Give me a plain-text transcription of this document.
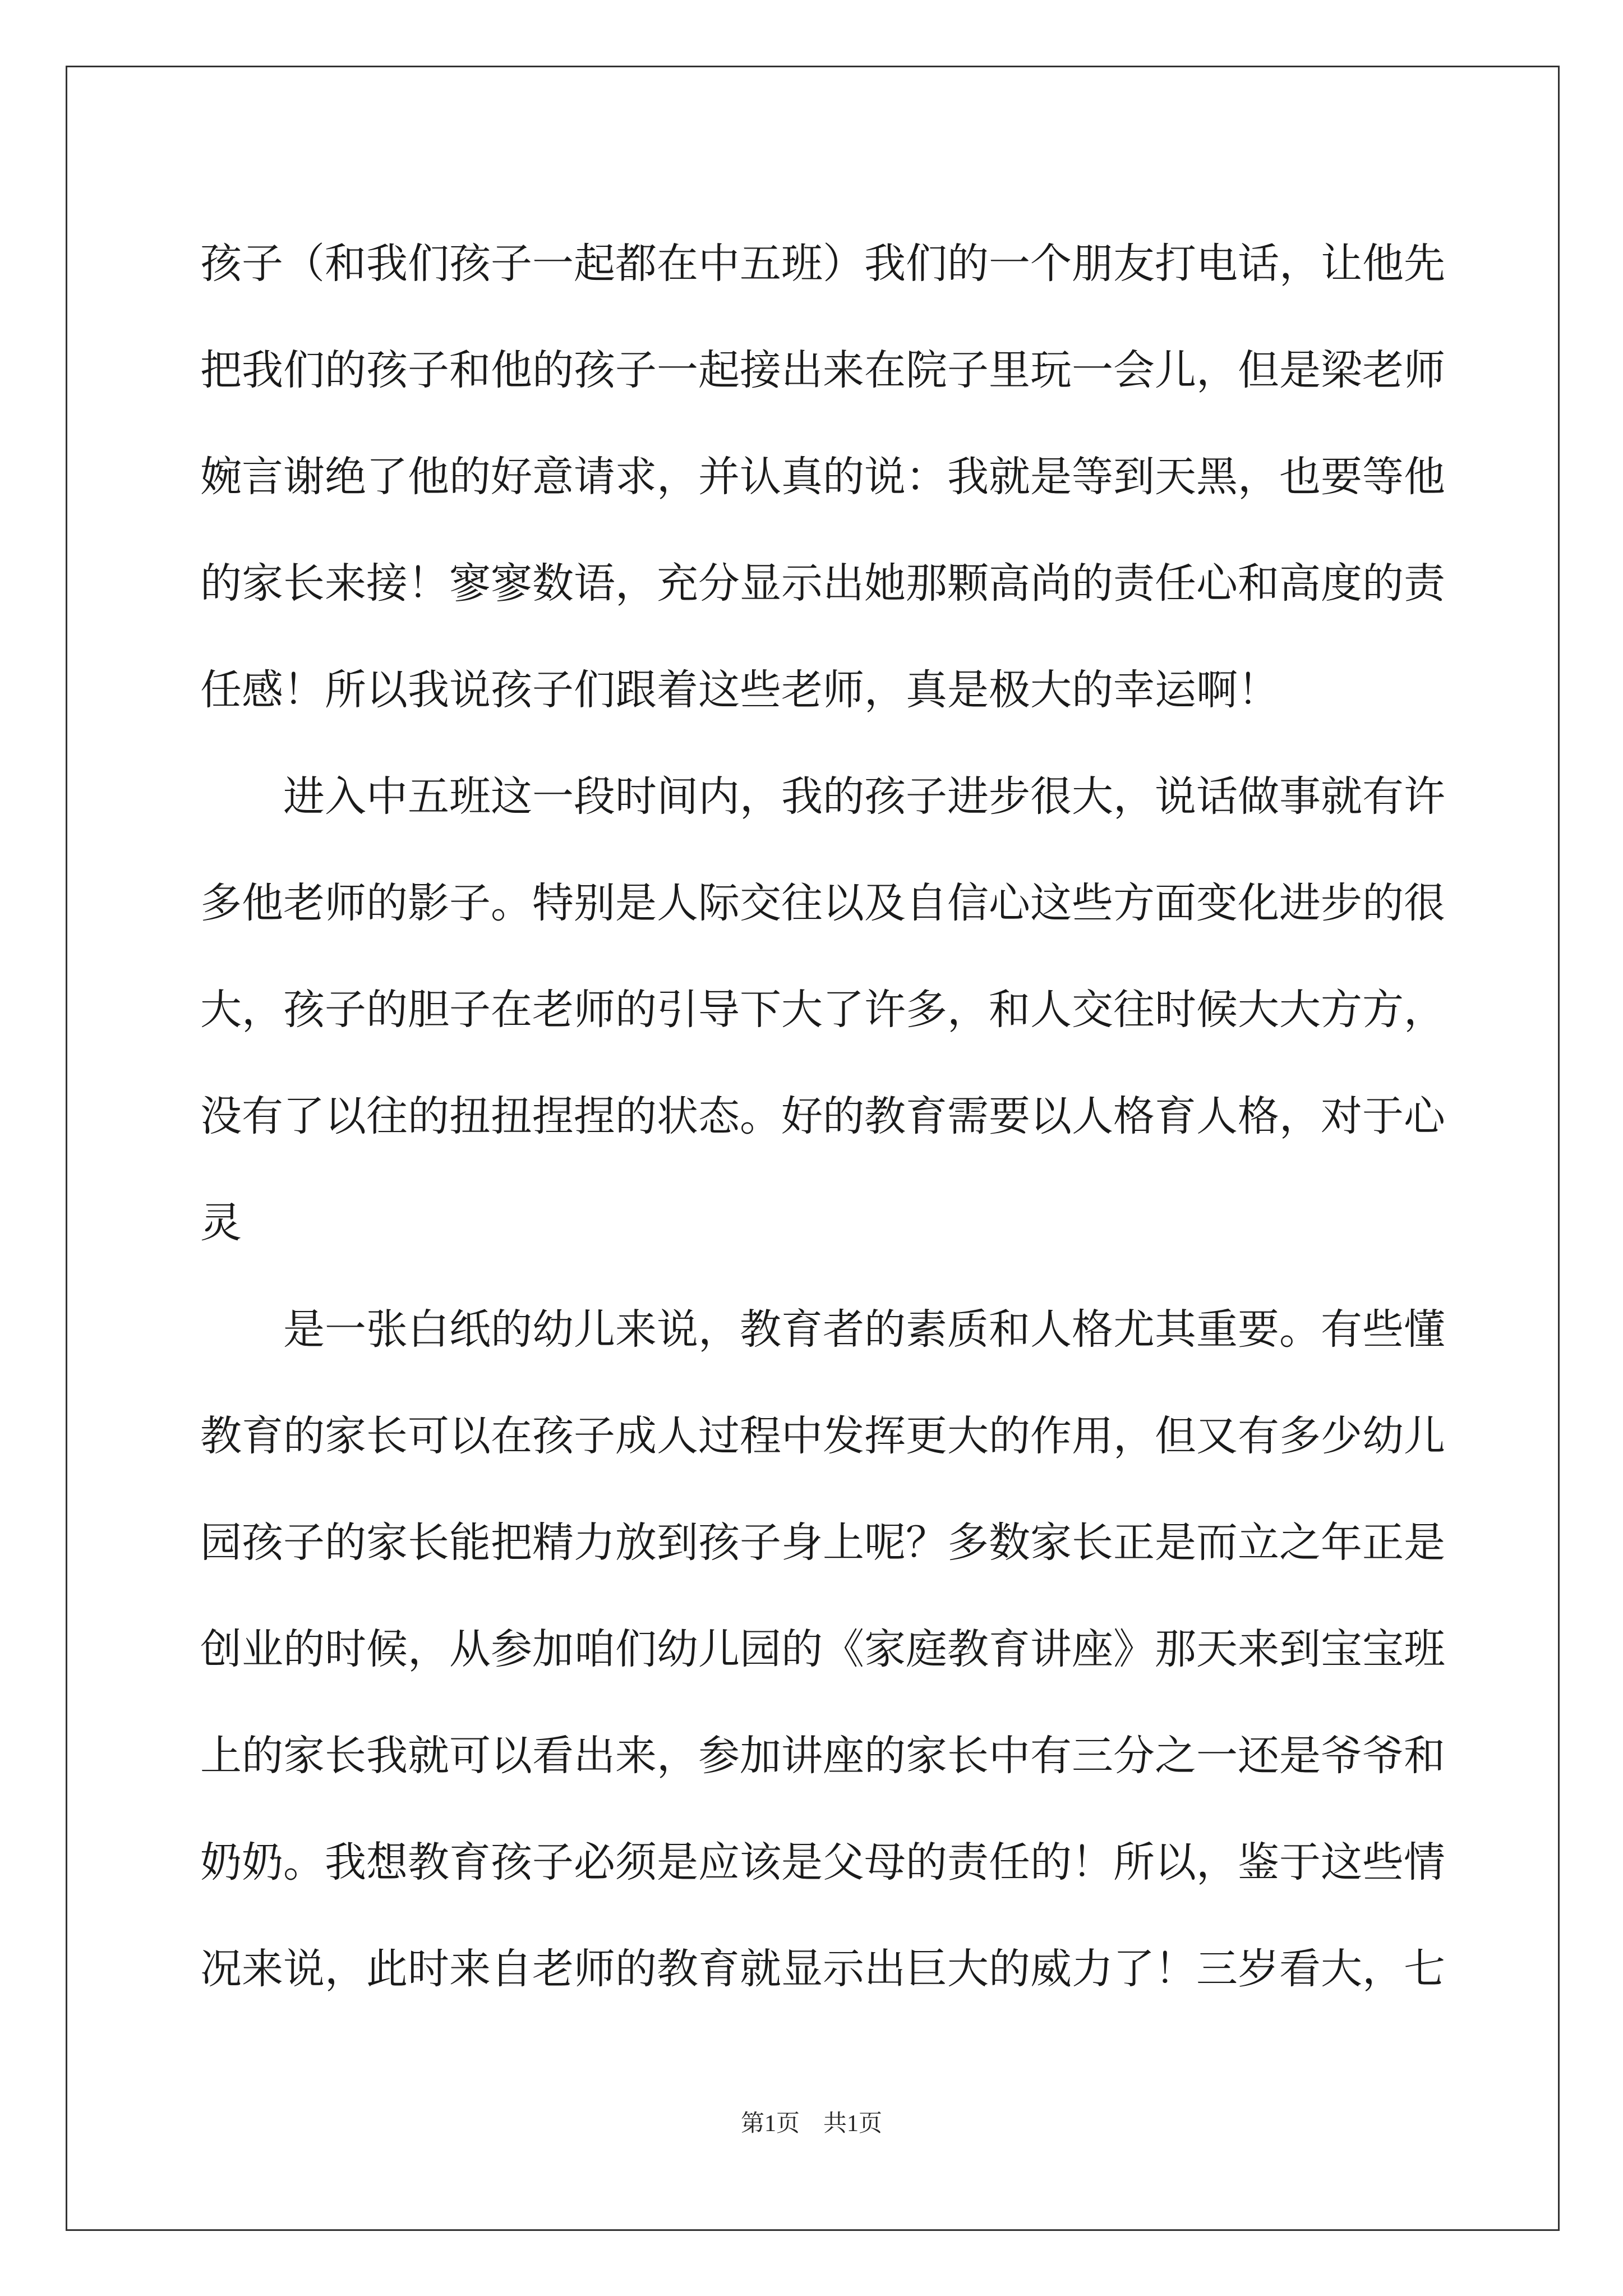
孩子（和我们孩子一起都在中五班）我们的一个朋友打电话，让他先
把我们的孩子和他的孩子一起接出来在院子里玩一会儿，但是梁老师
婉言谢绝了他的好意请求，并认真的说：我就是等到天黑，也要等他
的家长来接！寥寥数语，充分显示出她那颗高尚的责任心和高度的责
任感！所以我说孩子们跟着这些老师，真是极大的幸运啊！
进入中五班这一段时间内，我的孩子进步很大，说话做事就有许
多他老师的影子。特别是人际交往以及自信心这些方面变化进步的很
大，孩子的胆子在老师的引导下大了许多，和人交往时候大大方方，
没有了以往的扭扭捏捏的状态。好的教育需要以人格育人格，对于心
灵
是一张白纸的幼儿来说，教育者的素质和人格尤其重要。有些懂
教育的家长可以在孩子成人过程中发挥更大的作用，但又有多少幼儿
园孩子的家长能把精力放到孩子身上呢？多数家长正是而立之年正是
创业的时候，从参加咱们幼儿园的《家庭教育讲座》那天来到宝宝班
上的家长我就可以看出来，参加讲座的家长中有三分之一还是爷爷和
奶奶。我想教育孩子必须是应该是父母的责任的！所以，鉴于这些情
况来说，此时来自老师的教育就显示出巨大的威力了！三岁看大，七
第1页　共1页
